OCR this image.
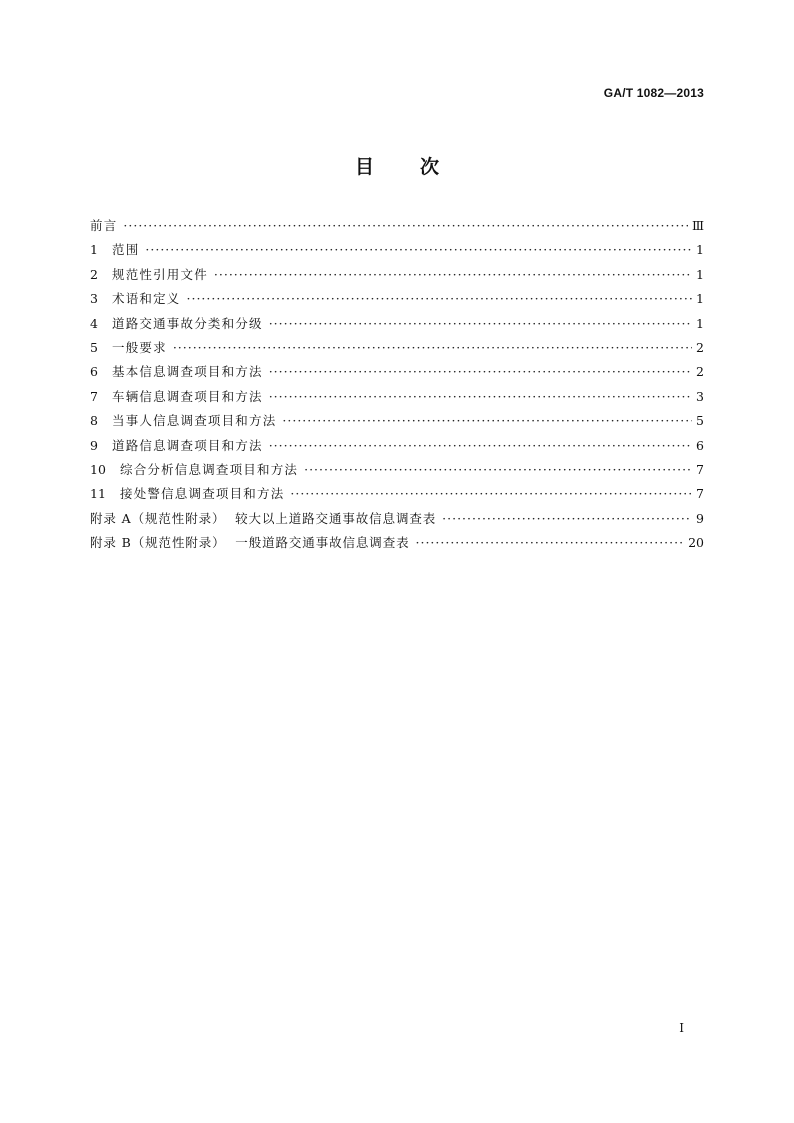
GA/T 1082—2013
目次
前言 ·····	Ⅲ
1	范围 ·····	1
2	规范性引用文件 ·····	1
3	术语和定义 ·····	1
4	道路交通事故分类和分级 ·····	1
5	一般要求 ·····	2
6	基本信息调查项目和方法 ·····	2
7	车辆信息调查项目和方法 ·····	3
8	当事人信息调查项目和方法 ·····	5
9	道路信息调查项目和方法 ·····	6
10	综合分析信息调查项目和方法 ·····	7
11	接处警信息调查项目和方法 ·····	7
附录 A（规范性附录）  较大以上道路交通事故信息调查表 ·····	9
附录 B（规范性附录）  一般道路交通事故信息调查表 ·····	20
I
